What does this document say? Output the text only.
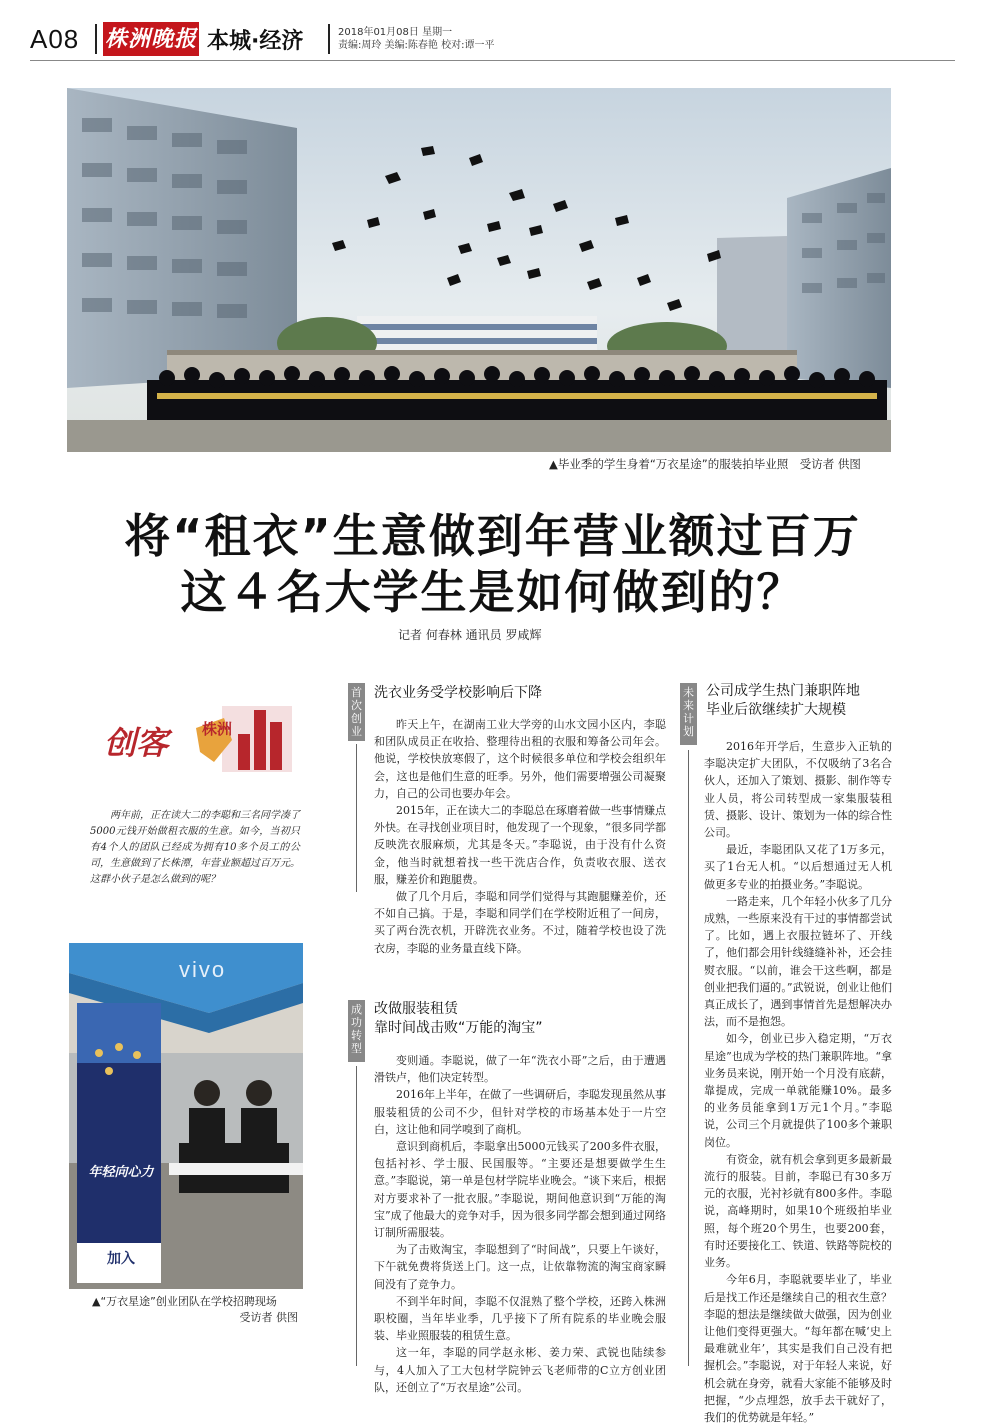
A08 株洲晚报 本城·经济	2018年01月08日 星期一
责编:周玲 美编:陈春艳 校对:谭一平
▲毕业季的学生身着“万衣星途”的服装拍毕业照  受访者 供图
将“租衣”生意做到年营业额过百万
这４名大学生是如何做到的？
记者 何春林 通讯员 罗咸辉
创客 株洲
两年前，正在读大二的李聪和三名同学凑了5000元钱开始做租衣服的生意。如今，当初只有4个人的团队已经成为拥有10多个员工的公司，生意做到了长株潭，年营业额超过百万元。这群小伙子是怎么做到的呢？
vivo
年轻向心力
加入
▲“万衣星途”创业团队在学校招聘现场
受访者 供图
首次创业
洗衣业务受学校影响后下降

昨天上午，在湖南工业大学旁的山水文园小区内，李聪和团队成员正在收拾、整理待出租的衣服和筹备公司年会。他说，学校快放寒假了，这个时候很多单位和学校会组织年会，这也是他们生意的旺季。另外，他们需要增强公司凝聚力，自己的公司也要办年会。

2015年，正在读大二的李聪总在琢磨着做一些事情赚点外快。在寻找创业项目时，他发现了一个现象，“很多同学都反映洗衣服麻烦，尤其是冬天。”李聪说，由于没有什么资金，他当时就想着找一些干洗店合作，负责收衣服、送衣服，赚差价和跑腿费。

做了几个月后，李聪和同学们觉得与其跑腿赚差价，还不如自己搞。于是，李聪和同学们在学校附近租了一间房，买了两台洗衣机，开辟洗衣业务。不过，随着学校也设了洗衣房，李聪的业务量直线下降。

成功转型
改做服装租赁
靠时间战击败“万能的淘宝”

变则通。李聪说，做了一年“洗衣小哥”之后，由于遭遇滑铁卢，他们决定转型。

2016年上半年，在做了一些调研后，李聪发现虽然从事服装租赁的公司不少，但针对学校的市场基本处于一片空白，这让他和同学嗅到了商机。

意识到商机后，李聪拿出5000元钱买了200多件衣服，包括衬衫、学士服、民国服等。“主要还是想要做学生生意。”李聪说，第一单是包材学院毕业晚会。“谈下来后，根据对方要求补了一批衣服。”李聪说，期间他意识到“万能的淘宝”成了他最大的竞争对手，因为很多同学都会想到通过网络订制所需服装。

为了击败淘宝，李聪想到了“时间战”，只要上午谈好，下午就免费将货送上门。这一点，让依靠物流的淘宝商家瞬间没有了竞争力。

不到半年时间，李聪不仅混熟了整个学校，还跨入株洲职校圈，当年毕业季，几乎接下了所有院系的毕业晚会服装、毕业照服装的租赁生意。

这一年，李聪的同学赵永彬、姜力荣、武锐也陆续参与，4人加入了工大包材学院钟云飞老师带的C立方创业团队，还创立了“万衣星途”公司。

未来计划
公司成学生热门兼职阵地
毕业后欲继续扩大规模

2016年开学后，生意步入正轨的李聪决定扩大团队，不仅吸纳了3名合伙人，还加入了策划、摄影、制作等专业人员，将公司转型成一家集服装租赁、摄影、设计、策划为一体的综合性公司。

最近，李聪团队又花了1万多元，买了1台无人机。“以后想通过无人机做更多专业的拍摄业务。”李聪说。

一路走来，几个年轻小伙多了几分成熟，一些原来没有干过的事情都尝试了。比如，遇上衣服拉链坏了、开线了，他们都会用针线缝缝补补，还会挂熨衣服。“以前，谁会干这些啊，都是创业把我们逼的。”武锐说，创业让他们真正成长了，遇到事情首先是想解决办法，而不是抱怨。

如今，创业已步入稳定期，“万衣星途”也成为学校的热门兼职阵地。“拿业务员来说，刚开始一个月没有底薪，靠提成，完成一单就能赚10%。最多的业务员能拿到1万元1个月。”李聪说，公司三个月就提供了100多个兼职岗位。

有资金，就有机会拿到更多最新最流行的服装。目前，李聪已有30多万元的衣服，光衬衫就有800多件。李聪说，高峰期时，如果10个班级拍毕业照，每个班20个男生，也要200套，有时还要接化工、铁道、铁路等院校的业务。

今年6月，李聪就要毕业了，毕业后是找工作还是继续自己的租衣生意？李聪的想法是继续做大做强，因为创业让他们变得更强大。“每年都在喊‘史上最难就业年’，其实是我们自己没有把握机会。”李聪说，对于年轻人来说，好机会就在身旁，就看大家能不能够及时把握，“少点埋怨，放手去干就好了，我们的优势就是年轻。”
